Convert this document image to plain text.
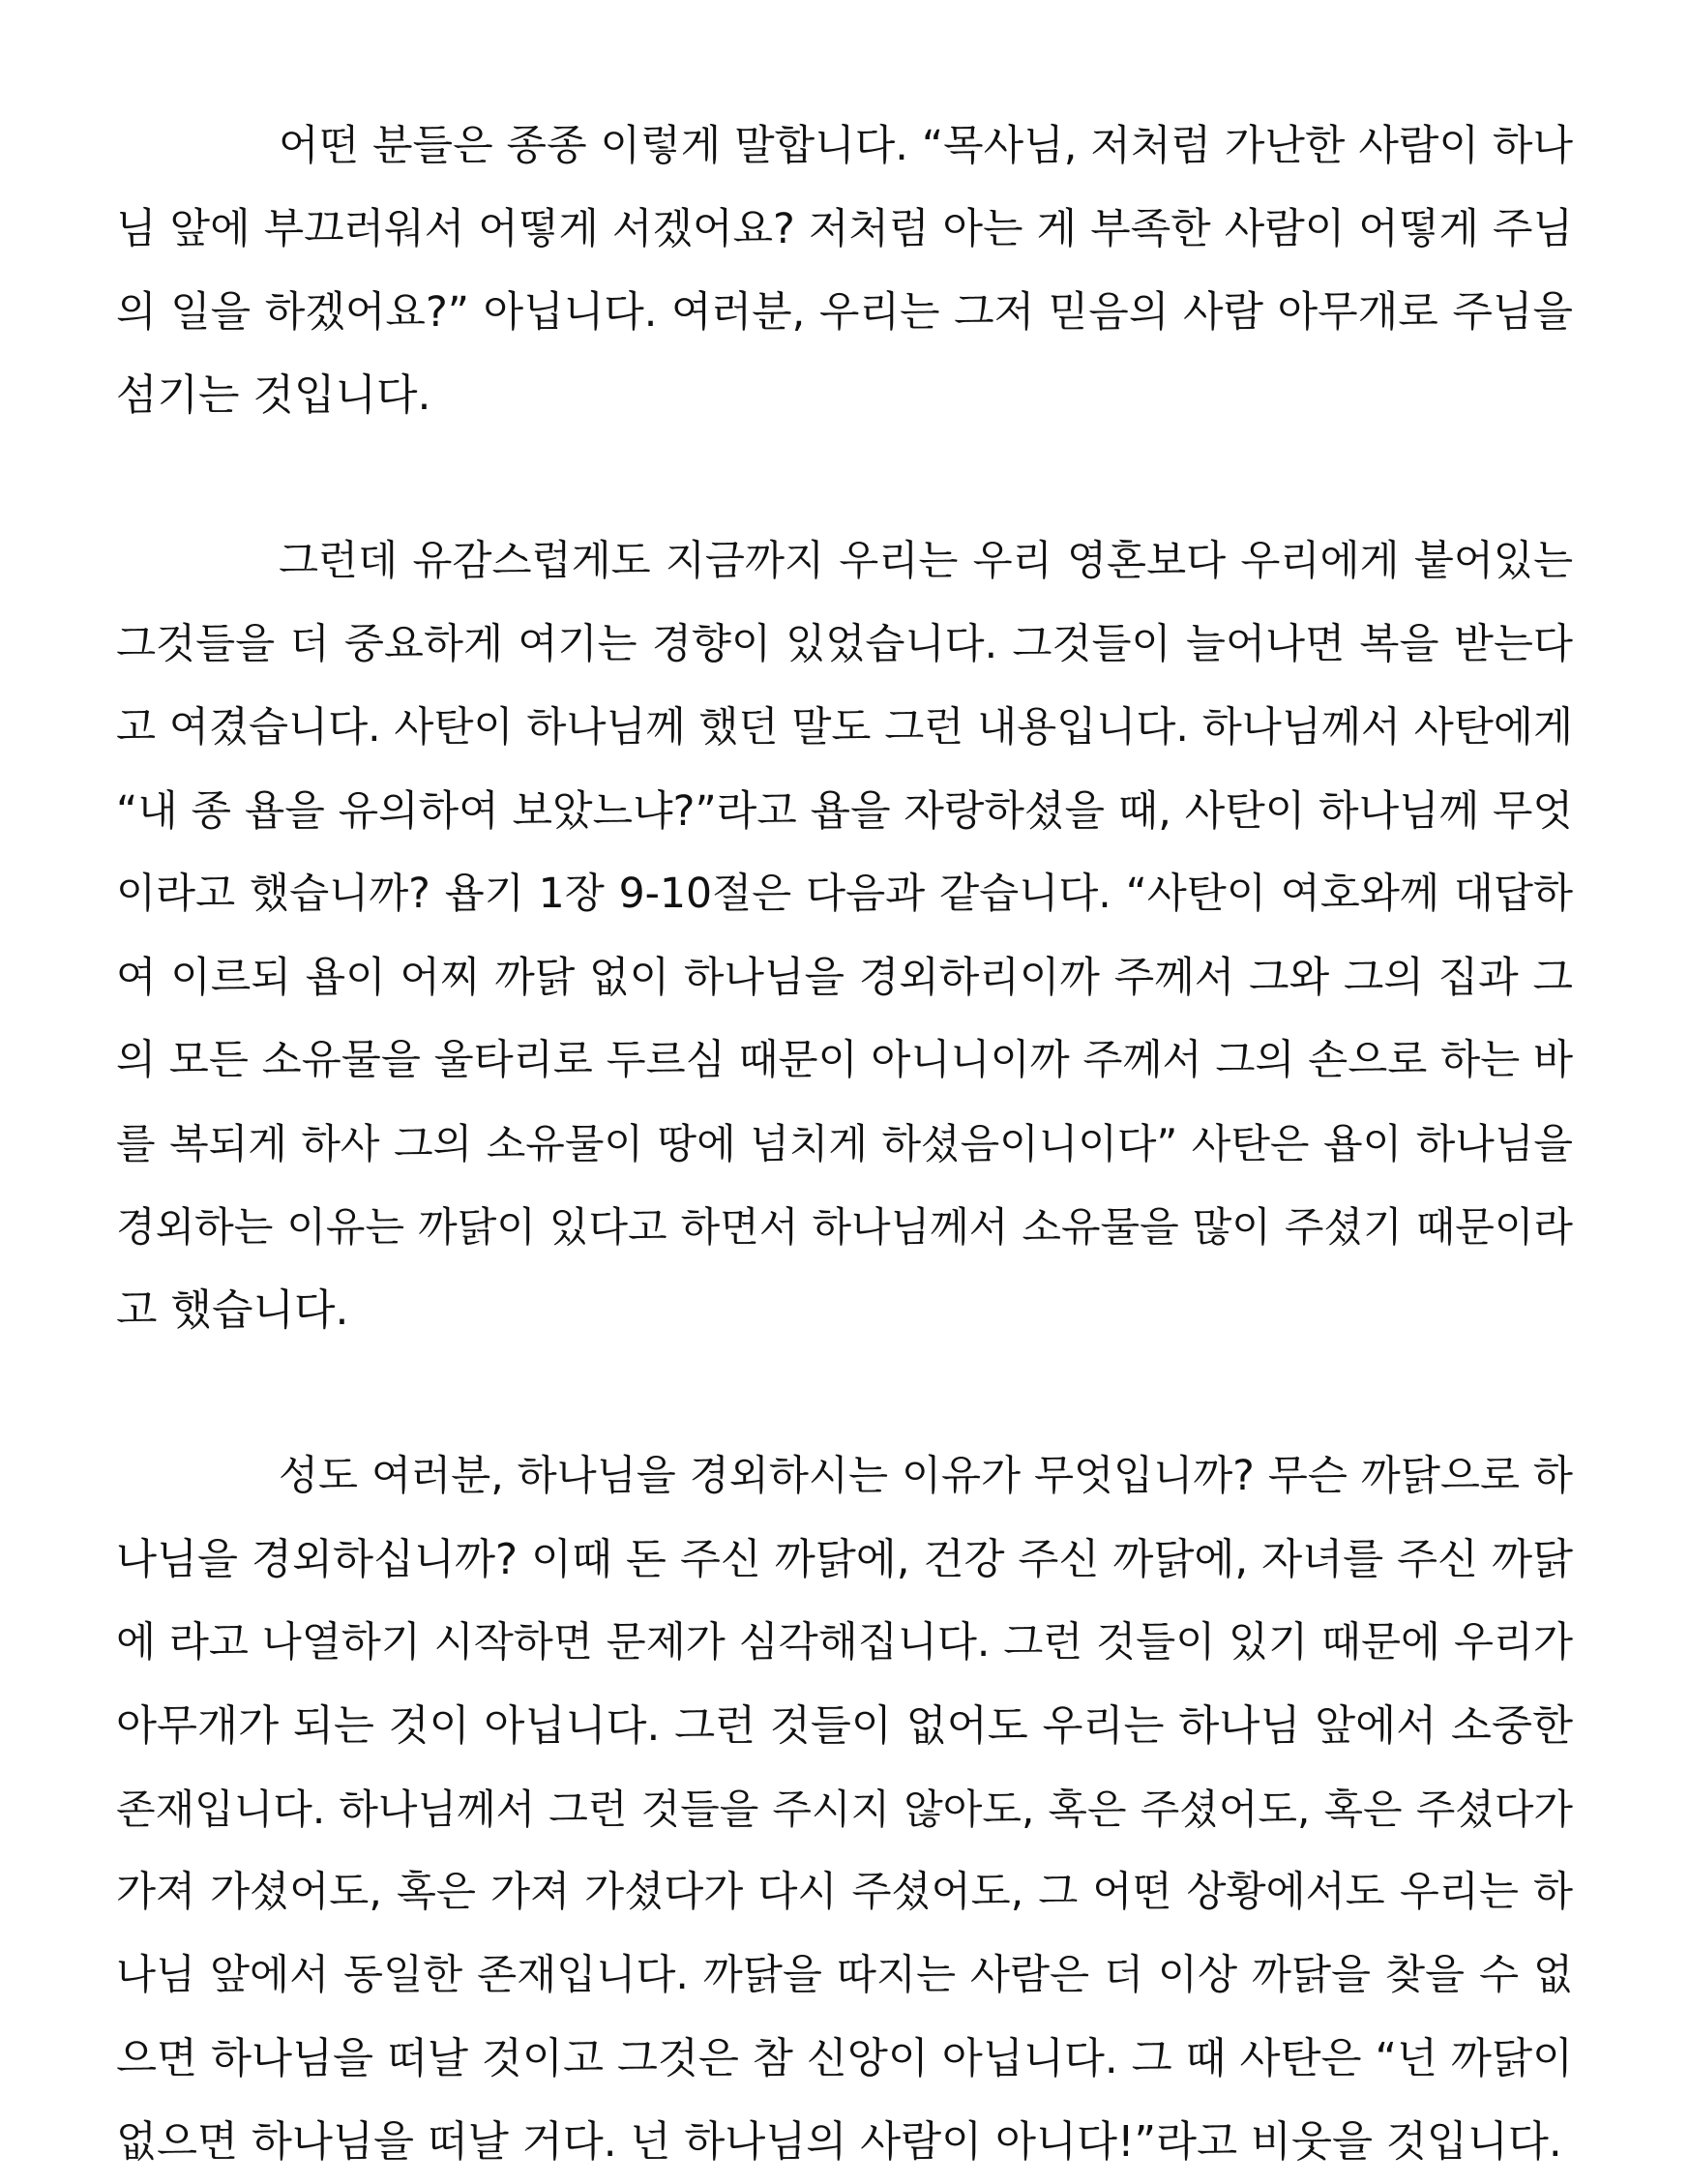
어떤 분들은 종종 이렇게 말합니다. “목사님, 저처럼 가난한 사람이 하나
님 앞에 부끄러워서 어떻게 서겠어요? 저처럼 아는 게 부족한 사람이 어떻게 주님
의 일을 하겠어요?” 아닙니다. 여러분, 우리는 그저 믿음의 사람 아무개로 주님을
섬기는 것입니다.
그런데 유감스럽게도 지금까지 우리는 우리 영혼보다 우리에게 붙어있는
그것들을 더 중요하게 여기는 경향이 있었습니다. 그것들이 늘어나면 복을 받는다
고 여겼습니다. 사탄이 하나님께 했던 말도 그런 내용입니다. 하나님께서 사탄에게
“내 종 욥을 유의하여 보았느냐?”라고 욥을 자랑하셨을 때, 사탄이 하나님께 무엇
이라고 했습니까? 욥기 1장 9-10절은 다음과 같습니다. “사탄이 여호와께 대답하
여 이르되 욥이 어찌 까닭 없이 하나님을 경외하리이까 주께서 그와 그의 집과 그
의 모든 소유물을 울타리로 두르심 때문이 아니니이까 주께서 그의 손으로 하는 바
를 복되게 하사 그의 소유물이 땅에 넘치게 하셨음이니이다” 사탄은 욥이 하나님을
경외하는 이유는 까닭이 있다고 하면서 하나님께서 소유물을 많이 주셨기 때문이라
고 했습니다.
성도 여러분, 하나님을 경외하시는 이유가 무엇입니까? 무슨 까닭으로 하
나님을 경외하십니까? 이때 돈 주신 까닭에, 건강 주신 까닭에, 자녀를 주신 까닭
에 라고 나열하기 시작하면 문제가 심각해집니다. 그런 것들이 있기 때문에 우리가
아무개가 되는 것이 아닙니다. 그런 것들이 없어도 우리는 하나님 앞에서 소중한
존재입니다. 하나님께서 그런 것들을 주시지 않아도, 혹은 주셨어도, 혹은 주셨다가
가져 가셨어도, 혹은 가져 가셨다가 다시 주셨어도, 그 어떤 상황에서도 우리는 하
나님 앞에서 동일한 존재입니다. 까닭을 따지는 사람은 더 이상 까닭을 찾을 수 없
으면 하나님을 떠날 것이고 그것은 참 신앙이 아닙니다. 그 때 사탄은 “넌 까닭이
없으면 하나님을 떠날 거다. 넌 하나님의 사람이 아니다!”라고 비웃을 것입니다.
